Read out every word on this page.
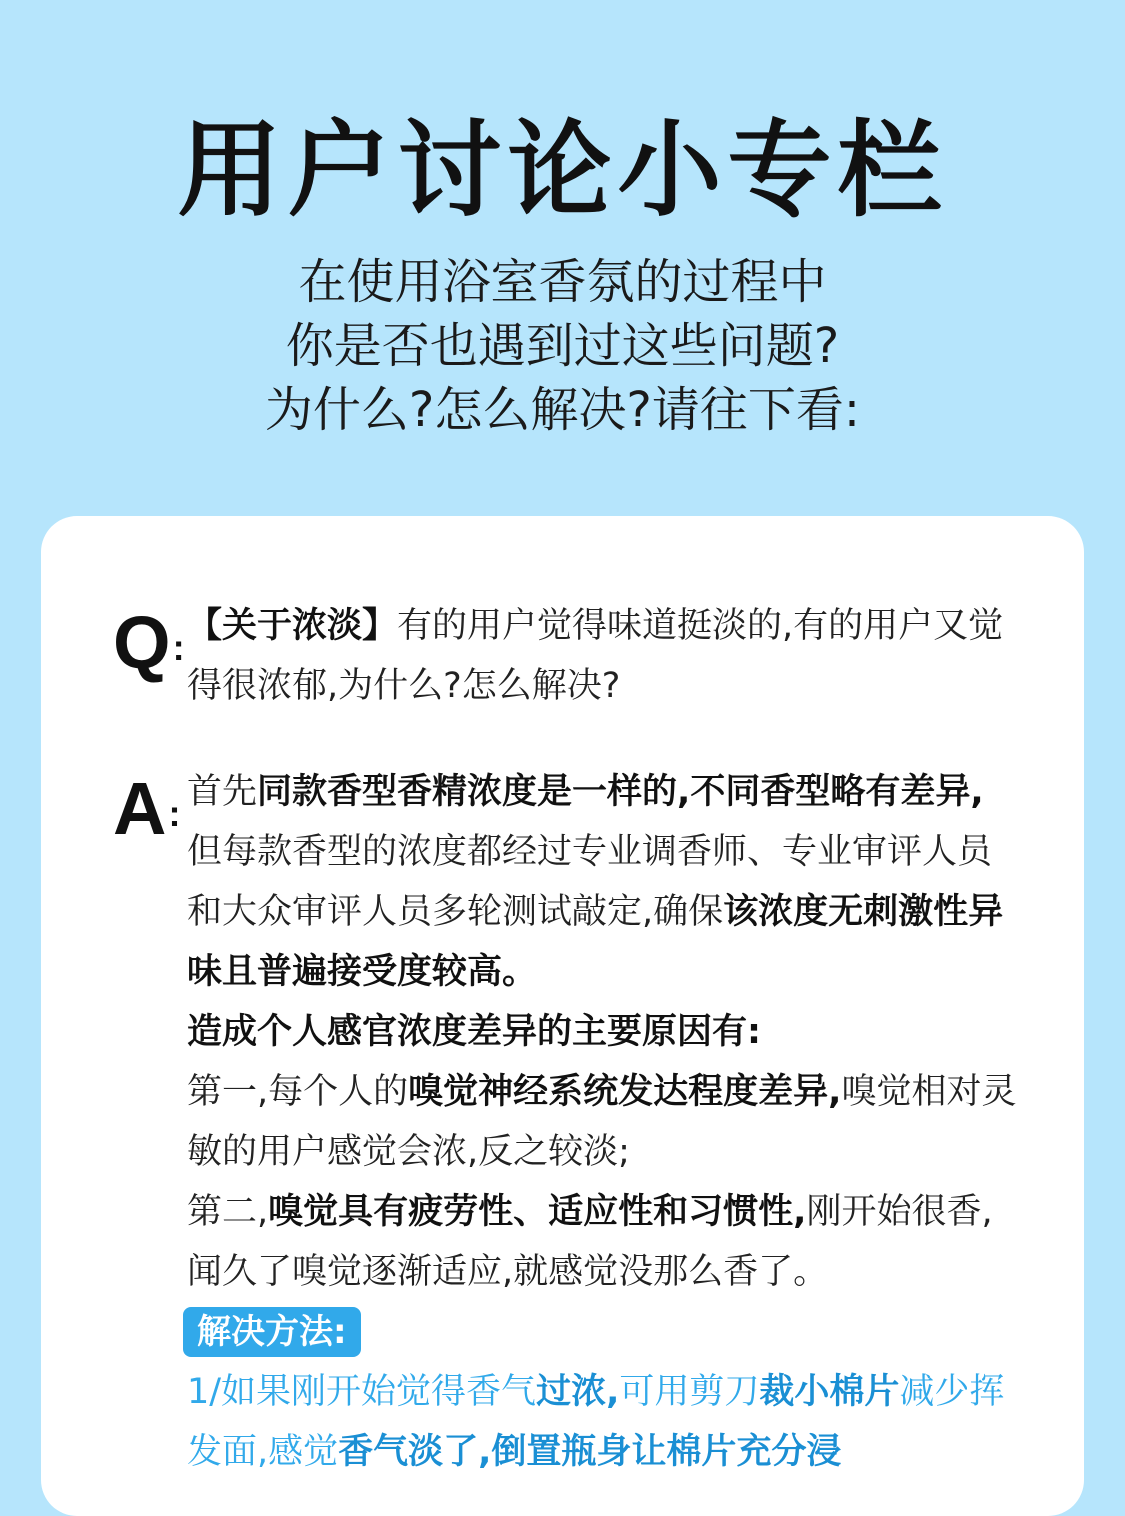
用户讨论小专栏
在使用浴室香氛的过程中
你是否也遇到过这些问题?
为什么?怎么解决?请往下看:
Q:
【关于浓淡】有的用户觉得味道挺淡的,有的用户又觉得很浓郁,为什么?怎么解决?
A:
首先同款香型香精浓度是一样的,不同香型略有差异,但每款香型的浓度都经过专业调香师、专业审评人员和大众审评人员多轮测试敲定,确保该浓度无刺激性异味且普遍接受度较高。
造成个人感官浓度差异的主要原因有:
第一,每个人的嗅觉神经系统发达程度差异,嗅觉相对灵敏的用户感觉会浓,反之较淡;
第二,嗅觉具有疲劳性、适应性和习惯性,刚开始很香,闻久了嗅觉逐渐适应,就感觉没那么香了。
解决方法:
1/如果刚开始觉得香气过浓,可用剪刀裁小棉片减少挥发面,感觉香气淡了,倒置瓶身让棉片充分浸
